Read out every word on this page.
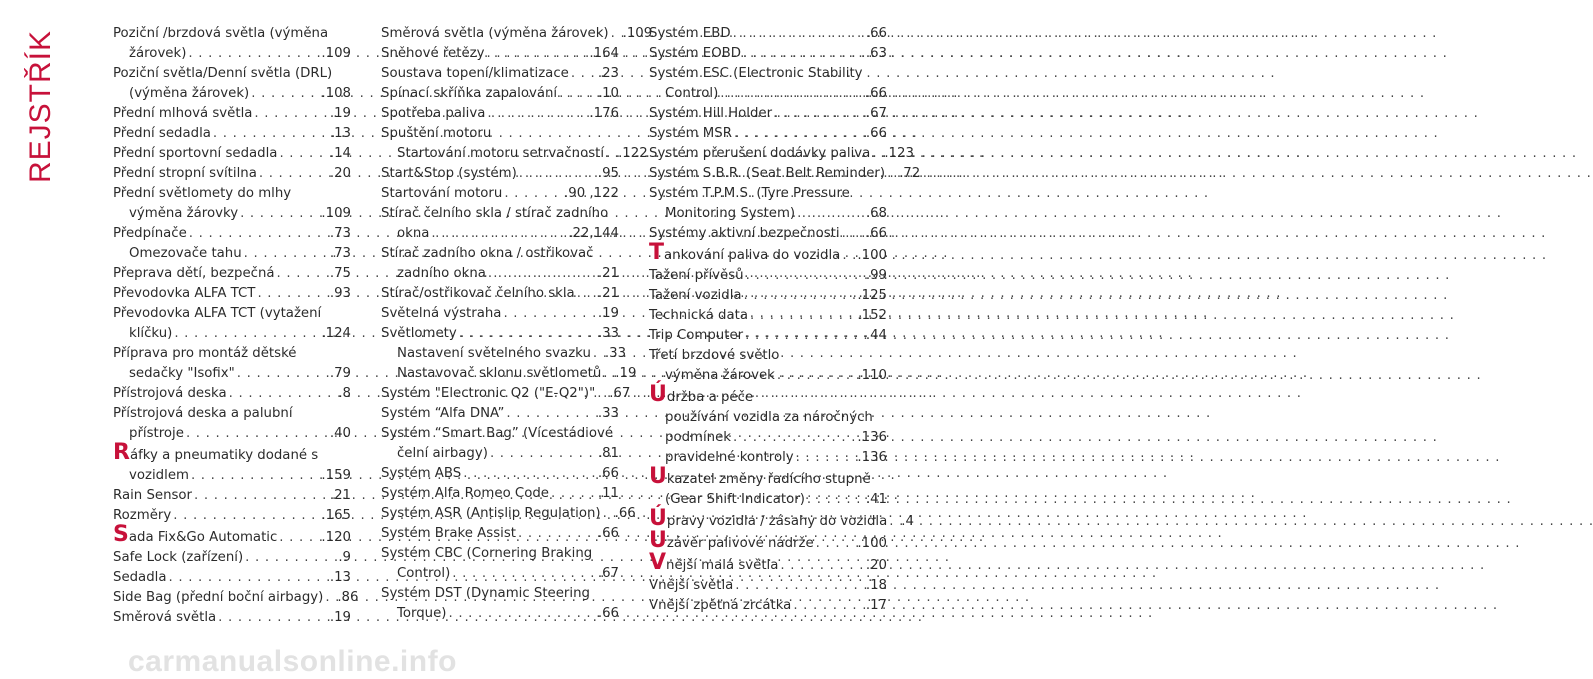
REJSTŘÍK	Poziční /brzdová světla (výměna
žárovek) . . .	.109
Poziční světla/Denní světla (DRL)
(výměna žárovek) . . .	.108
Přední mlhová světla . . .	.19
Přední sedadla . . .	.13
Přední sportovní sedadla . . .	.14
Přední stropní svítilna . . .	.20
Přední světlomety do mlhy
výměna žárovky . . .	.109
Předpínače . . .	.73
Omezovače tahu . . .	.73
Přeprava dětí, bezpečná . . .	.75
Převodovka ALFA TCT . . .	.93
Převodovka ALFA TCT (vytažení
klíčku) . . .	.124
Příprava pro montáž dětské
sedačky "Isofix" . . .	.79
Přístrojová deska . . .	.8
Přístrojová deska a palubní
přístroje . . .	.40
R áfky a pneumatiky dodané s
vozidlem . . .	.159
Rain Sensor . . .	.21
Rozměry . . .	.165
S ada Fix&Go Automatic . . .	.120
Safe Lock (zařízení) . . .	.9
Sedadla . . .	.13
Side Bag (přední boční airbagy) . . . .86
Směrová světla . . .	.19
Směrová světla (výměna žárovek) . . . .109
Sněhové řetězy . . .	.164
Soustava topení/klimatizace . . . .23
Spínací skříňka zapalování . . .	.10
Spotřeba paliva . . .	.176
Spuštění motoru
Startování motoru setrvačností . . . .122
Start&Stop (systém) . . .	.95
Startování motoru . . .	.90 ,122
Stírač čelního skla / stírač zadního
okna . . .	.22,144
Stírač zadního okna / ostřikovač
zadního okna . . .	.21
Stírač/ostřikovač čelního skla . . . .21
Světelná výstraha . . .	.19
Světlomety . . .	.33
Nastavení světelného svazku . . . .33
Nastavovač sklonu světlometů . . . .19
Systém "Electronic Q2 ("E-Q2")" . . . .67
Systém “Alfa DNA” . . .	.33
Systém “Smart Bag” (Vícestádiové
čelní airbagy) . . .	.81
Systém ABS . . .	.66
Systém Alfa Romeo Code . . .	.11
Systém ASR (Antislip Regulation) . . . .66
Systém Brake Assist . . .	.66
Systém CBC (Cornering Braking
Control) . . .	.67
Systém DST (Dynamic Steering
Torque) . . .	.66
Systém EBD . . .	.66
Systém EOBD . . .	.63
Systém ESC (Electronic Stability
Control) . . .	.66
Systém Hill Holder . . .	.67
Systém MSR . . .	.66
Systém přerušení dodávky paliva . . . .123
Systém S.B.R. (Seat Belt Reminder) . . . .72
Systém T.P.M.S. (Tyre Pressure
Monitoring System) . . .	.68
Systémy aktivní bezpečnosti . . . .66
T ankování paliva do vozidla . . . .100
Tažení přívěsů . . .	.99
Tažení vozidla . . .	.125
Technická data . . .	.152
Trip Computer . . .	.44
Třetí brzdové světlo
výměna žárovek . . .	.110
Ú držba a péče
používání vozidla za náročných
podmínek . . .	.136
pravidelné kontroly . . .	.136
U kazatel změny řadícího stupně
(Gear Shift Indicator) . . .	.41
Ú pravy vozidla / zásahy do vozidla . . . .4
U závěr palivové nádrže . . .	.100
V nější malá světla . . .	.20
Vnější světla . . .	.18
Vnější zpětná zrcátka . . .	.17
carmanualsonline.info
